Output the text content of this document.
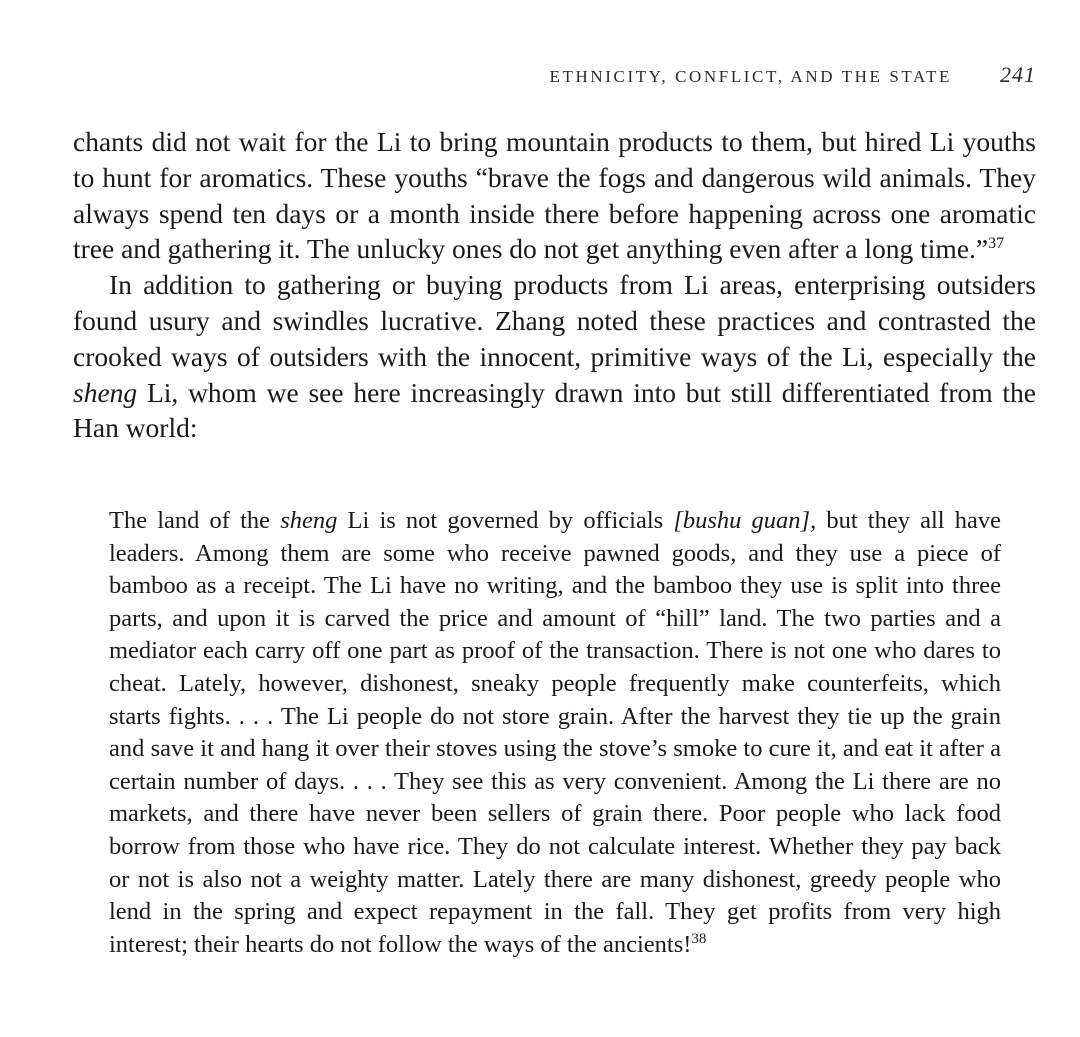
ETHNICITY, CONFLICT, AND THE STATE 241

chants did not wait for the Li to bring mountain products to them, but hired Li youths to hunt for aromatics. These youths “brave the fogs and dangerous wild animals. They always spend ten days or a month inside there before happening across one aromatic tree and gathering it. The unlucky ones do not get anything even after a long time.”$^{37}$

In addition to gathering or buying products from Li areas, enterprising outsiders found usury and swindles lucrative. Zhang noted these practices and contrasted the crooked ways of outsiders with the innocent, primitive ways of the Li, especially the sheng Li, whom we see here increasingly drawn into but still differentiated from the Han world:

The land of the sheng Li is not governed by officials [bushu guan], but they all have leaders. Among them are some who receive pawned goods, and they use a piece of bamboo as a receipt. The Li have no writing, and the bamboo they use is split into three parts, and upon it is carved the price and amount of “hill” land. The two parties and a mediator each carry off one part as proof of the transaction. There is not one who dares to cheat. Lately, however, dishonest, sneaky people frequently make counterfeits, which starts fights. . . . The Li people do not store grain. After the harvest they tie up the grain and save it and hang it over their stoves using the stove’s smoke to cure it, and eat it after a certain number of days. . . . They see this as very convenient. Among the Li there are no markets, and there have never been sellers of grain there. Poor people who lack food borrow from those who have rice. They do not calculate interest. Whether they pay back or not is also not a weighty matter. Lately there are many dishonest, greedy people who lend in the spring and expect repayment in the fall. They get profits from very high interest; their hearts do not follow the ways of the ancients!$^{38}$
